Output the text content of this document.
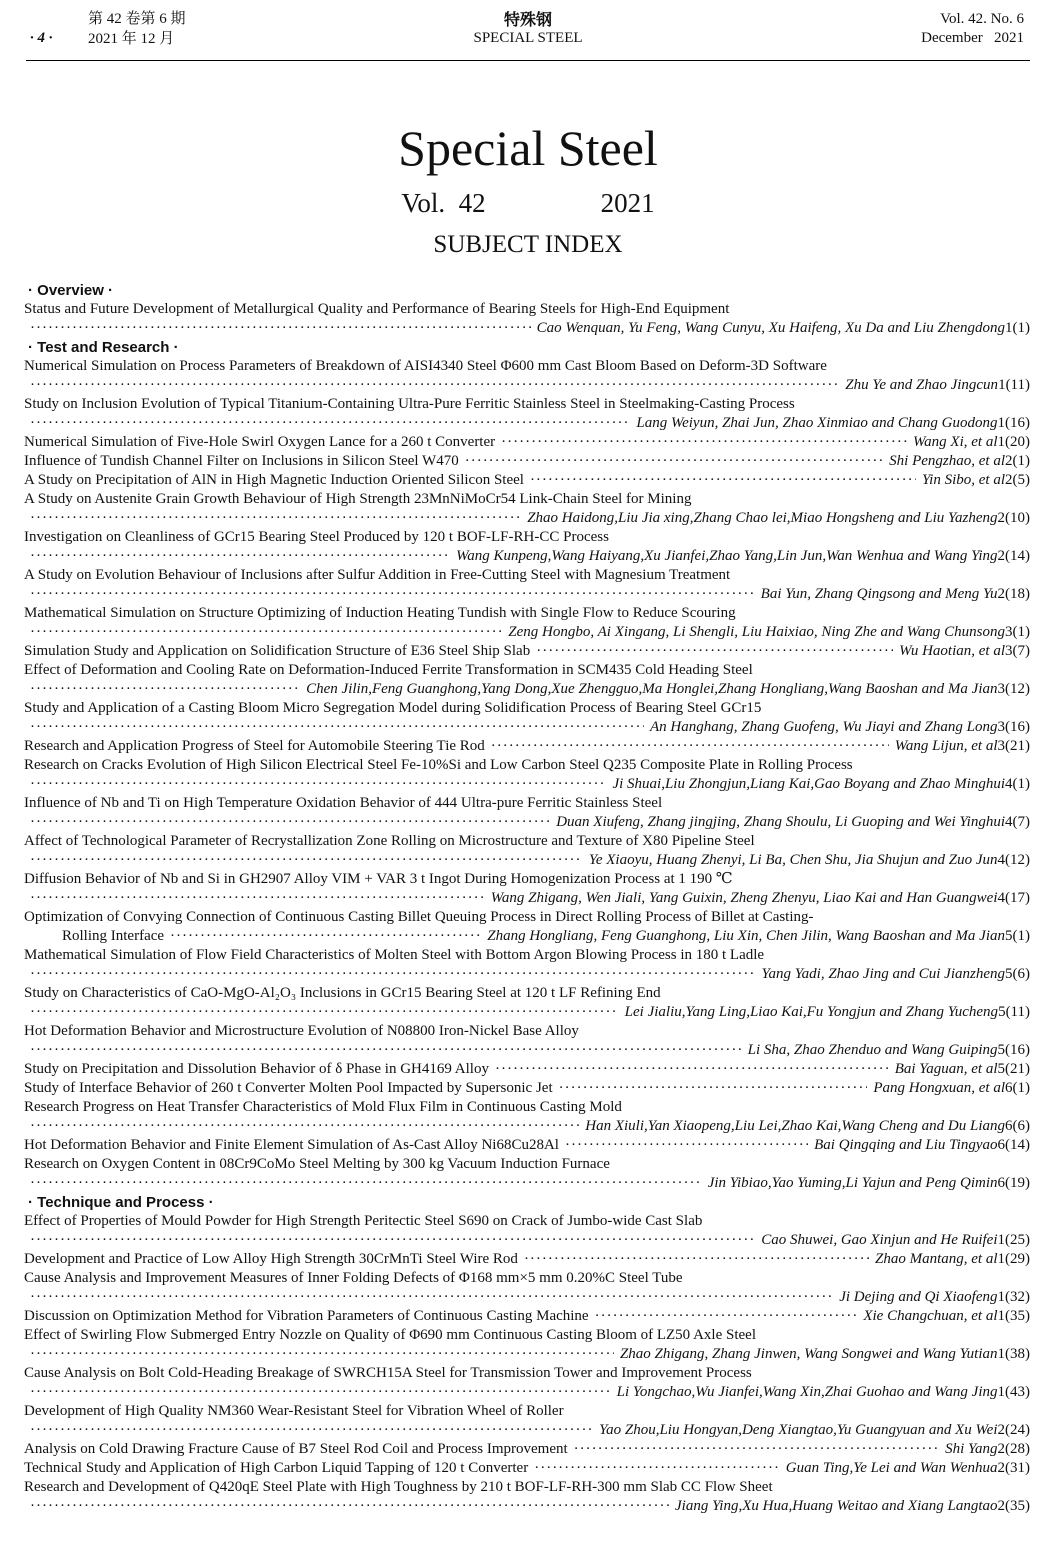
· 4 ·
第 42 卷第 6 期
2021 年 12 月
特殊钢
SPECIAL STEEL
Vol. 42. No. 6
December   2021
Special Steel
Vol.  42	2021
SUBJECT INDEX
· Overview ·
Status and Future Development of Metallurgical Quality and Performance of Bearing Steels for High-End Equipment
·····
Cao Wenquan, Yu Feng, Wang Cunyu, Xu Haifeng, Xu Da and Liu Zhengdong 1(1)
· Test and Research ·
Numerical Simulation on Process Parameters of Breakdown of AISI4340 Steel Φ600 mm Cast Bloom Based on Deform-3D Software
·····
Zhu Ye and Zhao Jingcun 1(11)
Study on Inclusion Evolution of Typical Titanium-Containing Ultra-Pure Ferritic Stainless Steel in Steelmaking-Casting Process
·····
Lang Weiyun, Zhai Jun, Zhao Xinmiao and Chang Guodong 1(16)
Numerical Simulation of Five-Hole Swirl Oxygen Lance for a 260 t Converter ·····	Wang Xi, et al 1(20)
Influence of Tundish Channel Filter on Inclusions in Silicon Steel W470 ·····	Shi Pengzhao, et al 2(1)
A Study on Precipitation of AlN in High Magnetic Induction Oriented Silicon Steel ·····	Yin Sibo, et al 2(5)
A Study on Austenite Grain Growth Behaviour of High Strength 23MnNiMoCr54 Link-Chain Steel for Mining
·····
Zhao Haidong,Liu Jia xing,Zhang Chao lei,Miao Hongsheng and Liu Yazheng 2(10)
Investigation on Cleanliness of GCr15 Bearing Steel Produced by 120 t BOF-LF-RH-CC Process
·····
Wang Kunpeng,Wang Haiyang,Xu Jianfei,Zhao Yang,Lin Jun,Wan Wenhua and Wang Ying 2(14)
A Study on Evolution Behaviour of Inclusions after Sulfur Addition in Free-Cutting Steel with Magnesium Treatment
·····
Bai Yun, Zhang Qingsong and Meng Yu 2(18)
Mathematical Simulation on Structure Optimizing of Induction Heating Tundish with Single Flow to Reduce Scouring
·····
Zeng Hongbo, Ai Xingang, Li Shengli, Liu Haixiao, Ning Zhe and Wang Chunsong 3(1)
Simulation Study and Application on Solidification Structure of E36 Steel Ship Slab ·····	Wu Haotian, et al 3(7)
Effect of Deformation and Cooling Rate on Deformation-Induced Ferrite Transformation in SCM435 Cold Heading Steel
·····
Chen Jilin,Feng Guanghong,Yang Dong,Xue Zhengguo,Ma Honglei,Zhang Hongliang,Wang Baoshan and Ma Jian 3(12)
Study and Application of a Casting Bloom Micro Segregation Model during Solidification Process of Bearing Steel GCr15
·····
An Hanghang, Zhang Guofeng, Wu Jiayi and Zhang Long 3(16)
Research and Application Progress of Steel for Automobile Steering Tie Rod ·····	Wang Lijun, et al 3(21)
Research on Cracks Evolution of High Silicon Electrical Steel Fe-10%Si and Low Carbon Steel Q235 Composite Plate in Rolling Process
·····
Ji Shuai,Liu Zhongjun,Liang Kai,Gao Boyang and Zhao Minghui 4(1)
Influence of Nb and Ti on High Temperature Oxidation Behavior of 444 Ultra-pure Ferritic Stainless Steel
·····
Duan Xiufeng, Zhang jingjing, Zhang Shoulu, Li Guoping and Wei Yinghui 4(7)
Affect of Technological Parameter of Recrystallization Zone Rolling on Microstructure and Texture of X80 Pipeline Steel
·····
Ye Xiaoyu, Huang Zhenyi, Li Ba, Chen Shu, Jia Shujun and Zuo Jun 4(12)
Diffusion Behavior of Nb and Si in GH2907 Alloy VIM + VAR 3 t Ingot During Homogenization Process at 1 190 ℃
·····
Wang Zhigang, Wen Jiali, Yang Guixin, Zheng Zhenyu, Liao Kai and Han Guangwei 4(17)
Optimization of Convying Connection of Continuous Casting Billet Queuing Process in Direct Rolling Process of Billet at Casting-
Rolling Interface ·····	Zhang Hongliang, Feng Guanghong, Liu Xin, Chen Jilin, Wang Baoshan and Ma Jian 5(1)
Mathematical Simulation of Flow Field Characteristics of Molten Steel with Bottom Argon Blowing Process in 180 t Ladle
·····
Yang Yadi, Zhao Jing and Cui Jianzheng 5(6)
Study on Characteristics of CaO-MgO-Al₂O₃ Inclusions in GCr15 Bearing Steel at 120 t LF Refining End
·····
Lei Jialiu,Yang Ling,Liao Kai,Fu Yongjun and Zhang Yucheng 5(11)
Hot Deformation Behavior and Microstructure Evolution of N08800 Iron-Nickel Base Alloy
·····
Li Sha, Zhao Zhenduo and Wang Guiping 5(16)
Study on Precipitation and Dissolution Behavior of δ Phase in GH4169 Alloy ·····	Bai Yaguan, et al 5(21)
Study of Interface Behavior of 260 t Converter Molten Pool Impacted by Supersonic Jet ·····	Pang Hongxuan, et al 6(1)
Research Progress on Heat Transfer Characteristics of Mold Flux Film in Continuous Casting Mold
·····
Han Xiuli,Yan Xiaopeng,Liu Lei,Zhao Kai,Wang Cheng and Du Liang 6(6)
Hot Deformation Behavior and Finite Element Simulation of As-Cast Alloy Ni68Cu28Al ·····	Bai Qingqing and Liu Tingyao 6(14)
Research on Oxygen Content in 08Cr9CoMo Steel Melting by 300 kg Vacuum Induction Furnace
·····
Jin Yibiao,Yao Yuming,Li Yajun and Peng Qimin 6(19)
· Technique and Process ·
Effect of Properties of Mould Powder for High Strength Peritectic Steel S690 on Crack of Jumbo-wide Cast Slab
·····
Cao Shuwei, Gao Xinjun and He Ruifei 1(25)
Development and Practice of Low Alloy High Strength 30CrMnTi Steel Wire Rod ·····	Zhao Mantang, et al 1(29)
Cause Analysis and Improvement Measures of Inner Folding Defects of Φ168 mm×5 mm 0.20%C Steel Tube
·····
Ji Dejing and Qi Xiaofeng 1(32)
Discussion on Optimization Method for Vibration Parameters of Continuous Casting Machine ·····	Xie Changchuan, et al 1(35)
Effect of Swirling Flow Submerged Entry Nozzle on Quality of Φ690 mm Continuous Casting Bloom of LZ50 Axle Steel
·····
Zhao Zhigang, Zhang Jinwen, Wang Songwei and Wang Yutian 1(38)
Cause Analysis on Bolt Cold-Heading Breakage of SWRCH15A Steel for Transmission Tower and Improvement Process
·····
Li Yongchao,Wu Jianfei,Wang Xin,Zhai Guohao and Wang Jing 1(43)
Development of High Quality NM360 Wear-Resistant Steel for Vibration Wheel of Roller
·····
Yao Zhou,Liu Hongyan,Deng Xiangtao,Yu Guangyuan and Xu Wei 2(24)
Analysis on Cold Drawing Fracture Cause of B7 Steel Rod Coil and Process Improvement ·····	Shi Yang 2(28)
Technical Study and Application of High Carbon Liquid Tapping of 120 t Converter ·····	Guan Ting,Ye Lei and Wan Wenhua 2(31)
Research and Development of Q420qE Steel Plate with High Toughness by 210 t BOF-LF-RH-300 mm Slab CC Flow Sheet
·····
Jiang Ying,Xu Hua,Huang Weitao and Xiang Langtao 2(35)
